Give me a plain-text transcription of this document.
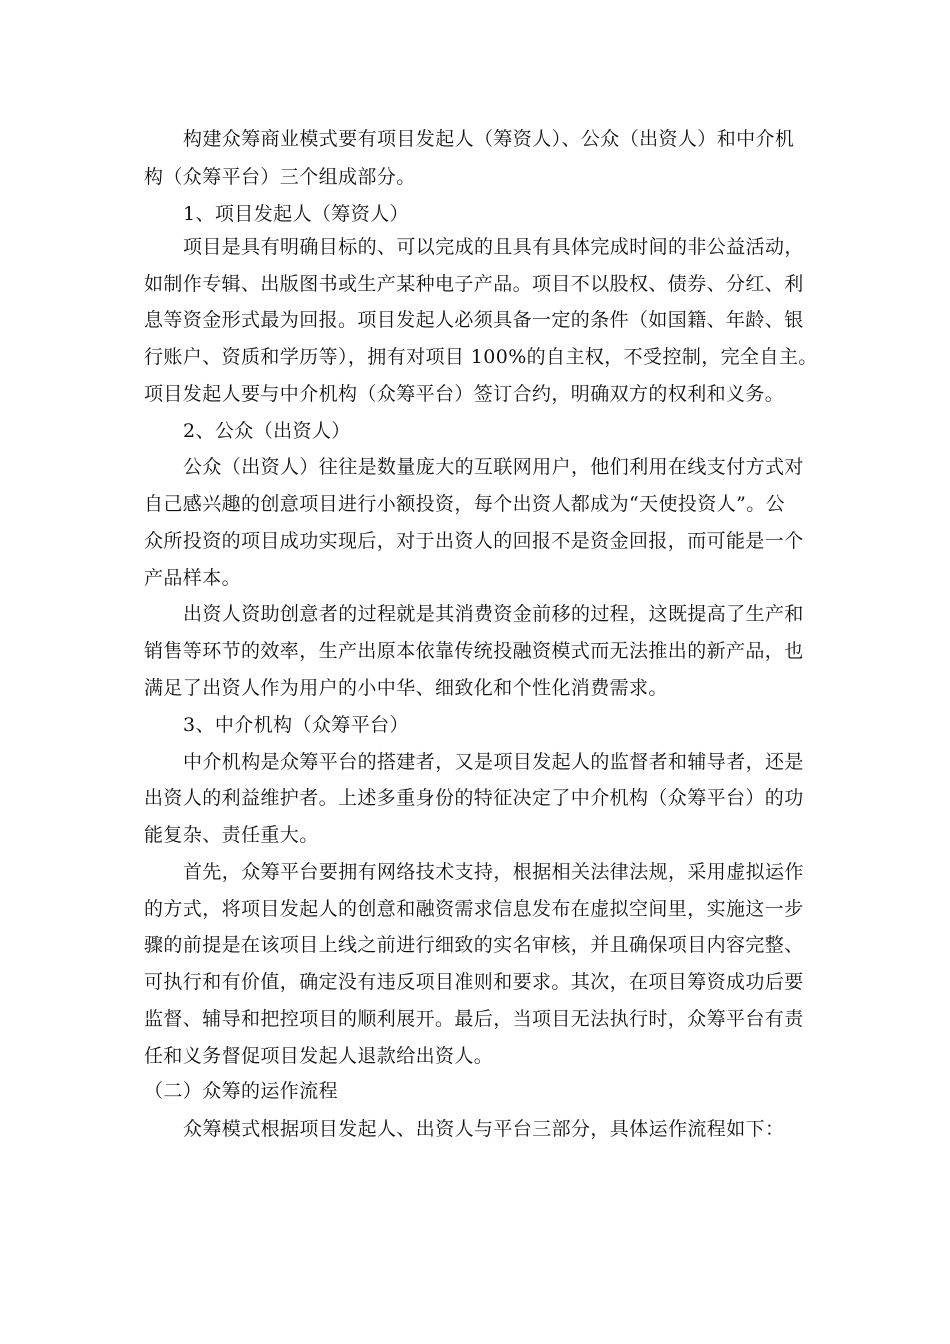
构建众筹商业模式要有项目发起人（筹资人）、公众（出资人）和中介机
构（众筹平台）三个组成部分。
1、项目发起人（筹资人）
项目是具有明确目标的、可以完成的且具有具体完成时间的非公益活动，
如制作专辑、出版图书或生产某种电子产品。项目不以股权、债券、分红、利
息等资金形式最为回报。项目发起人必须具备一定的条件（如国籍、年龄、银
行账户、资质和学历等），拥有对项目 100%的自主权，不受控制，完全自主。
项目发起人要与中介机构（众筹平台）签订合约，明确双方的权利和义务。
2、公众（出资人）
公众（出资人）往往是数量庞大的互联网用户，他们利用在线支付方式对
自己感兴趣的创意项目进行小额投资，每个出资人都成为“天使投资人”。公
众所投资的项目成功实现后，对于出资人的回报不是资金回报，而可能是一个
产品样本。
出资人资助创意者的过程就是其消费资金前移的过程，这既提高了生产和
销售等环节的效率，生产出原本依靠传统投融资模式而无法推出的新产品，也
满足了出资人作为用户的小中华、细致化和个性化消费需求。
3、中介机构（众筹平台）
中介机构是众筹平台的搭建者，又是项目发起人的监督者和辅导者，还是
出资人的利益维护者。上述多重身份的特征决定了中介机构（众筹平台）的功
能复杂、责任重大。
首先，众筹平台要拥有网络技术支持，根据相关法律法规，采用虚拟运作
的方式，将项目发起人的创意和融资需求信息发布在虚拟空间里，实施这一步
骤的前提是在该项目上线之前进行细致的实名审核，并且确保项目内容完整、
可执行和有价值，确定没有违反项目准则和要求。其次，在项目筹资成功后要
监督、辅导和把控项目的顺利展开。最后，当项目无法执行时，众筹平台有责
任和义务督促项目发起人退款给出资人。
（二）众筹的运作流程
众筹模式根据项目发起人、出资人与平台三部分，具体运作流程如下：
